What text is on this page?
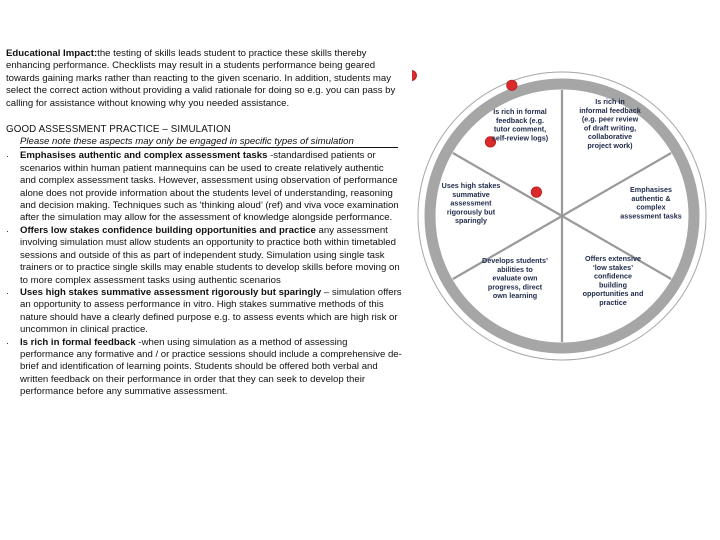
Educational Impact:the testing of skills leads student to practice these skills thereby enhancing performance. Checklists may result in a students performance being geared towards gaining marks rather than reacting to the given scenario. In addition, students may select the correct action without providing a valid rationale for doing so e.g. you can pass by calling for assistance without knowing why you needed assistance.
GOOD ASSESSMENT PRACTICE – SIMULATION
Please note these aspects may only be engaged in specific types of simulation
· Emphasises authentic and complex assessment tasks -standardised patients or scenarios within human patient mannequins can be used to create relatively authentic and complex assessment tasks. However, assessment using observation of performance alone does not provide information about the students level of understanding, reasoning and decision making. Techniques such as ‘thinking aloud’ (ref) and viva voce examination after the simulation may allow for the assessment of knowledge alongside performance.
· Offers low stakes confidence building opportunities and practice any assessment involving simulation must allow students an opportunity to practice both within timetabled sessions and outside of this as part of independent study. Simulation using single task trainers or to practice single skills may enable students to develop skills before moving on to more complex assessment tasks using authentic scenarios
· Uses high stakes summative assessment rigorously but sparingly – simulation offers an opportunity to assess performance in vitro. High stakes summative methods of this nature should have a clearly defined purpose e.g. to assess events which are high risk or uncommon in clinical practice.
· Is rich in formal feedback -when using simulation as a method of assessing performance any formative and / or practice sessions should include a comprehensive de-brief and identification of learning points. Students should be offered both verbal and written feedback on their performance in order that they can seek to develop their performance before any summative assessment.
Is rich in formal feedback (e.g. tutor comment, self-review logs)
Is rich in informal feedback (e.g. peer review of draft writing, collaborative project work)
Emphasises authentic & complex assessment tasks
Offers extensive ‘low stakes’ confidence building opportunities and practice
Develops students’ abilities to evaluate own progress, direct own learning
Uses high stakes summative assessment rigorously but sparingly
